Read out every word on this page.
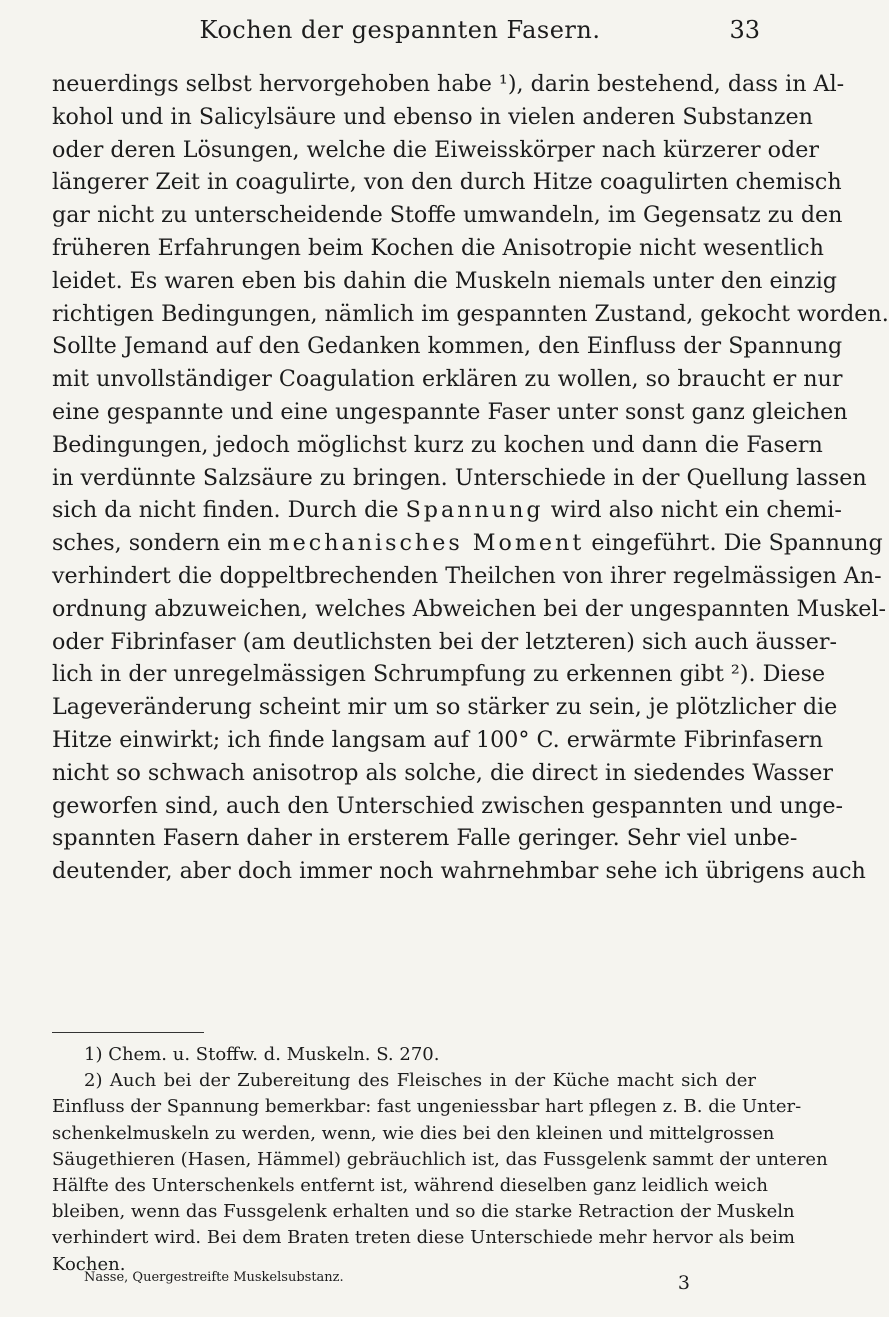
Kochen der gespannten Fasern.	33
neuerdings selbst hervorgehoben habe ¹), darin bestehend, dass in Al-
kohol und in Salicylsäure und ebenso in vielen anderen Substanzen
oder deren Lösungen, welche die Eiweisskörper nach kürzerer oder
längerer Zeit in coagulirte, von den durch Hitze coagulirten chemisch
gar nicht zu unterscheidende Stoffe umwandeln, im Gegensatz zu den
früheren Erfahrungen beim Kochen die Anisotropie nicht wesentlich
leidet. Es waren eben bis dahin die Muskeln niemals unter den einzig
richtigen Bedingungen, nämlich im gespannten Zustand, gekocht worden.
Sollte Jemand auf den Gedanken kommen, den Einfluss der Spannung
mit unvollständiger Coagulation erklären zu wollen, so braucht er nur
eine gespannte und eine ungespannte Faser unter sonst ganz gleichen
Bedingungen, jedoch möglichst kurz zu kochen und dann die Fasern
in verdünnte Salzsäure zu bringen. Unterschiede in der Quellung lassen
sich da nicht finden. Durch die Spannung wird also nicht ein chemi-
sches, sondern ein mechanisches Moment eingeführt. Die Spannung
verhindert die doppeltbrechenden Theilchen von ihrer regelmässigen An-
ordnung abzuweichen, welches Abweichen bei der ungespannten Muskel-
oder Fibrinfaser (am deutlichsten bei der letzteren) sich auch äusser-
lich in der unregelmässigen Schrumpfung zu erkennen gibt ²). Diese
Lageveränderung scheint mir um so stärker zu sein, je plötzlicher die
Hitze einwirkt; ich finde langsam auf 100° C. erwärmte Fibrinfasern
nicht so schwach anisotrop als solche, die direct in siedendes Wasser
geworfen sind, auch den Unterschied zwischen gespannten und unge-
spannten Fasern daher in ersterem Falle geringer. Sehr viel unbe-
deutender, aber doch immer noch wahrnehmbar sehe ich übrigens auch
1) Chem. u. Stoffw. d. Muskeln. S. 270.
2) Auch bei der Zubereitung des Fleisches in der Küche macht sich der
Einfluss der Spannung bemerkbar: fast ungeniessbar hart pflegen z. B. die Unter-
schenkelmuskeln zu werden, wenn, wie dies bei den kleinen und mittelgrossen
Säugethieren (Hasen, Hämmel) gebräuchlich ist, das Fussgelenk sammt der unteren
Hälfte des Unterschenkels entfernt ist, während dieselben ganz leidlich weich
bleiben, wenn das Fussgelenk erhalten und so die starke Retraction der Muskeln
verhindert wird. Bei dem Braten treten diese Unterschiede mehr hervor als beim
Kochen.
Nasse, Quergestreifte Muskelsubstanz.	3
